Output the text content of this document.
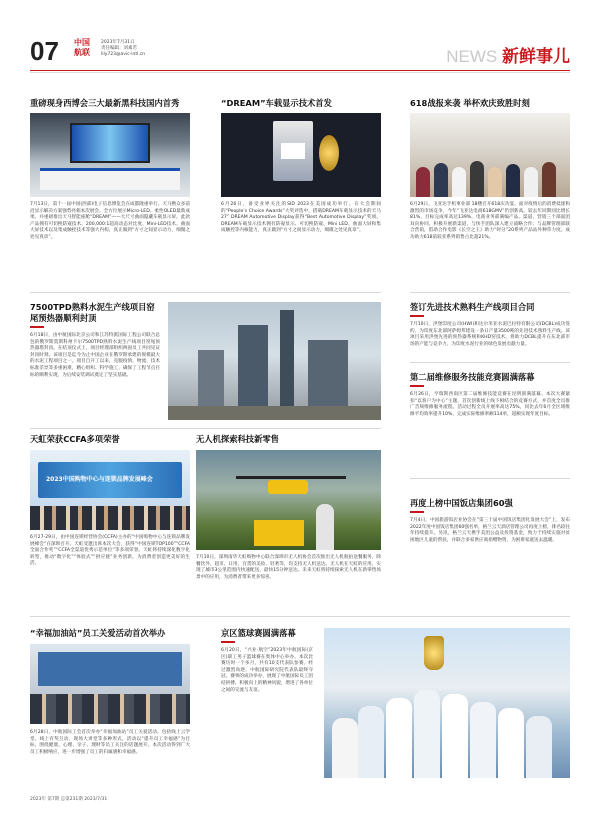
07	中国
航联
2023年7月31日
责任编辑：刘素若
lily723@avic-intl.cn	NEWS 新鲜事儿
重磅现身西博会三大最新黑科技国内首秀

7月13日，第十一届中国(西部)电子信息博览会在成都隆重举行。天马携众多前沿显示解决方案强势亮相本次展会。全方位展示Micro-LED、柔性OLED最新成果。并重磅推出天马智能座舱“DREAM”——大尺寸曲面隐藏车载显示屏。此款产品拥有可切换防窥技术、200,000:1超高动态对比度、Mini-LED技术、曲面大屏技术以及集成触控技术等强大内构，真正做到“方寸之间显示动力，细微之处见真章”。

“DREAM”车载显示技术首发

6月26日，备受业界关注的SID 2023在美国成功举行。在大会期间的“People’s Choice Awards”大奖评选中，搭载DREAM车载显示技术的天马27” DREAM Automotive Display获得“Best Automotive Display”奖项。DREAM车载显示技术拥有防窥显示、可切换防窥、Mini LED、曲面大屏和集成触控等内核能力，真正做到“方寸之间显示动力，细微之处见真章”。

618战报来袭 举杯欢庆致胜时刻

6月29日，飞亚达手机事业部 18楼召开618庆功宴。面对疫情后的消费低迷和激烈的市场竞争，今年“飞亚达电商618GMV”仍创新高。较去年同期同比增长81%，目标完成率高达139%，电商业务部满编产品、渠道、营销三个部面团双向协同，积极开展新渠道，与快手团队深入建立战略合作；与品牌管理部联合营销，借助合作电影《长空之王》助力“时分”20系列产品站外种草力度。成功助力618前较亚系列销售占比超21%。

7500TPD熟料水泥生产线项目窑尾预热器顺利封顶

6月18日，由中航国际北京公司和江苏特派国际工程公司联合总包的俄罗斯莫斯科州卡尔7500TPD熟料水泥生产线项目窑尾预热器塔封顶。在结顶仪式上，项目经理部组织两国员工共同见证封顶时刻。该项目是迄今为止中国企业在俄罗斯承建的规模最大的水泥工程项目之一。项目自开工以来，克服疫情、物流、技术标准差异等多重困难，精心组织、科学施工，确保了工程节点目标的顺利实现，为后续安装调试奠定了坚实基础。

签订先进技术熟料生产线项目合同

7月10日，洪堡印度公司(HWI)和达尔米亚水泥巴拉特有限公司(DCBL)成功签约，为印度东北部阿萨姆邦建设一条日产量3500吨的先进技术熟料生产线。该项目采用洪堡先进的预热器系统和KHD窑技术，将助力DCBL提升在东北部市场的产能与竞争力，为印度水泥行业的绿色发展贡献力量。

第二届维修服务技能竞赛圆满落幕

6月26日，亨瑞斯西南区第二届维修技能竞赛在昆明圆满落幕。本次大赛紧扣“以客户为中心”主题，首次创新线上线下相结合的竞赛方式，并首度全员推广音频维修服务流程。活动过程全员开展率高达75%，同比去年6月全区域维修平均效率提升10%，完成实际维修率额114单，超额实现年度目标。

天虹荣获CCFA多项荣誉
2023中国购物中心与连锁品牌发展峰会

6月27-29日，由中国连锁经营协会(CCFA)主办的“中国购物中心与连锁品牌发展峰会”在深圳召开。天虹受邀出席本次大会，获得“中国连锁TOP100”“CCFA全面合作奖”“CCFA全渠道优秀示范单位”等多项荣誉。天虹将持续深化数字化转型，推动“数字化”“体验式”“供应链”业务创新，为消费者创造更美好的生活。

无人机探索科技新零售

7月10日，深圳南华天虹购物中心联合深圳市无人机协会首次推出无人机航拍送餐服务，除餐饮外，超市、日用、百货的美妆、轻奢等，均支持无人机送达。无人机在天虹的应用，实现了城市3公里范围内快速配送，最快15分钟送达。未来天虹将持续探索无人机在新零售场景中的应用，为消费者带来更多惊喜。

再度上榜中国饭店集团60强

7月4日，中国旅游饭店业协会在“第三十届中国饭店集团化发展大会”上，发布2022年度中国饭店集团60强名单，格兰云天酒店管理公司再度上榜，排名较往年持续提升。另讯，格兰云天携手美团公益及投资基金，致力于持续实施对贫困地区儿童的帮扶，并联合多家供应商捐赠物资，为困难家庭送去温暖。

“幸福加油站”员工关爱活动首次举办

6月28日，中航国际工会首次举办“幸福加油站”员工关爱活动。包括线上云学堂、线上有奖互动、现场大讲堂等多种形式，活动以“提升员工幸福感”为目标，围绕健康、心理、亲子、理财等员工关注的话题展开。本次活动得到广大员工积极响应，进一步增强了员工的归属感和幸福感。

京区篮球赛圆满落幕

6月20日，“兴业·航空”2023年中航国际(京区)职工男子篮球赛在奥体中心举办。本次比赛历时一个多月，共有10支代表队参赛。经过激烈角逐，中航国际研究院代表队最终夺冠。赛事的成功举办，展现了中航国际员工团结拼搏、积极向上的精神风貌，增进了各单位之间的交流与友谊。

2023年 第7期 总第231期 2023/7/31
